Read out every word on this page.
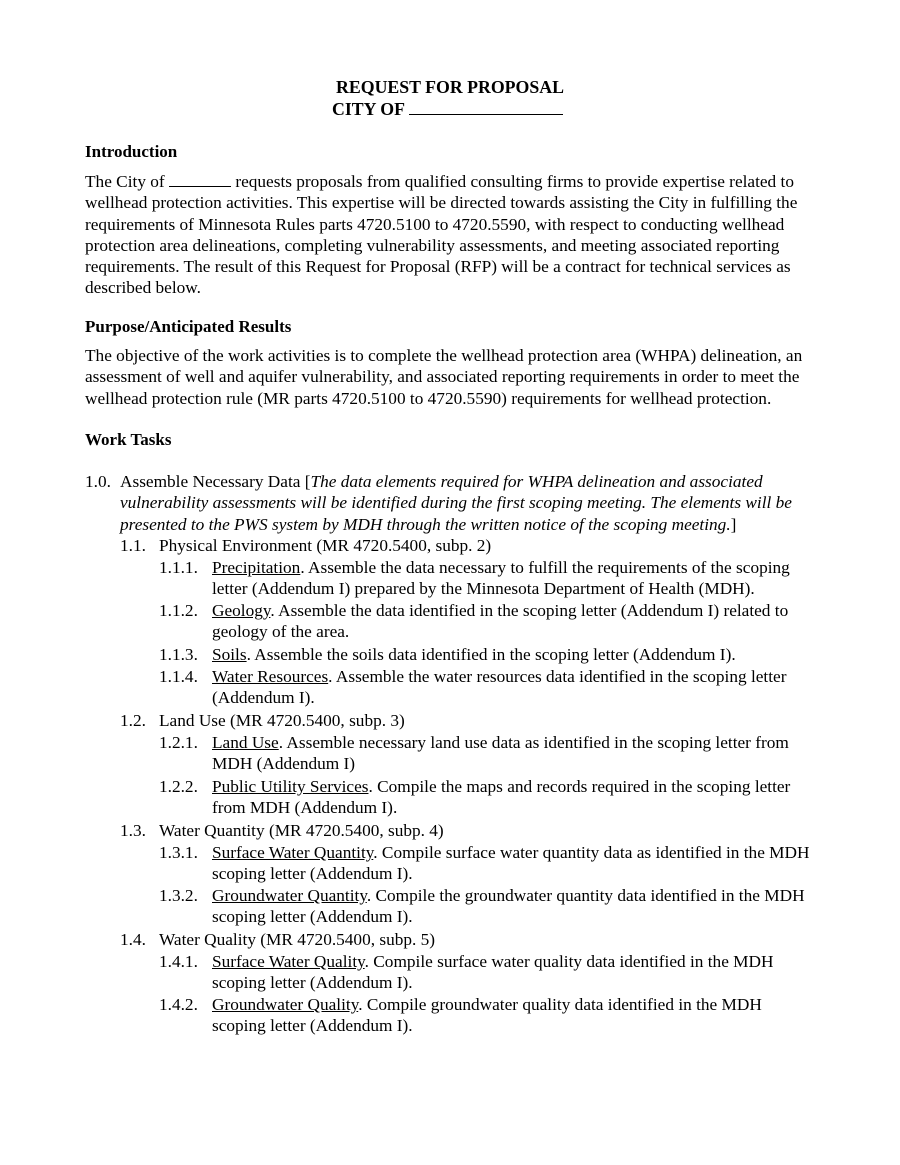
REQUEST FOR PROPOSAL
CITY OF
Introduction
The City of	requests proposals from qualified consulting firms to provide expertise related to wellhead protection activities. This expertise will be directed towards assisting the City in fulfilling the requirements of Minnesota Rules parts 4720.5100 to 4720.5590, with respect to conducting wellhead protection area delineations, completing vulnerability assessments, and meeting associated reporting requirements. The result of this Request for Proposal (RFP) will be a contract for technical services as described below.
Purpose/Anticipated Results
The objective of the work activities is to complete the wellhead protection area (WHPA) delineation, an assessment of well and aquifer vulnerability, and associated reporting requirements in order to meet the wellhead protection rule (MR parts 4720.5100 to 4720.5590) requirements for wellhead protection.
Work Tasks
1.0. Assemble Necessary Data [The data elements required for WHPA delineation and associated vulnerability assessments will be identified during the first scoping meeting. The elements will be presented to the PWS system by MDH through the written notice of the scoping meeting.]
1.1. Physical Environment (MR 4720.5400, subp. 2)
1.1.1. Precipitation. Assemble the data necessary to fulfill the requirements of the scoping letter (Addendum I) prepared by the Minnesota Department of Health (MDH).
1.1.2. Geology. Assemble the data identified in the scoping letter (Addendum I) related to geology of the area.
1.1.3. Soils. Assemble the soils data identified in the scoping letter (Addendum I).
1.1.4. Water Resources. Assemble the water resources data identified in the scoping letter (Addendum I).
1.2. Land Use (MR 4720.5400, subp. 3)
1.2.1. Land Use. Assemble necessary land use data as identified in the scoping letter from MDH (Addendum I)
1.2.2. Public Utility Services. Compile the maps and records required in the scoping letter from MDH (Addendum I).
1.3. Water Quantity (MR 4720.5400, subp. 4)
1.3.1. Surface Water Quantity. Compile surface water quantity data as identified in the MDH scoping letter (Addendum I).
1.3.2. Groundwater Quantity. Compile the groundwater quantity data identified in the MDH scoping letter (Addendum I).
1.4. Water Quality (MR 4720.5400, subp. 5)
1.4.1. Surface Water Quality. Compile surface water quality data identified in the MDH scoping letter (Addendum I).
1.4.2. Groundwater Quality. Compile groundwater quality data identified in the MDH scoping letter (Addendum I).
